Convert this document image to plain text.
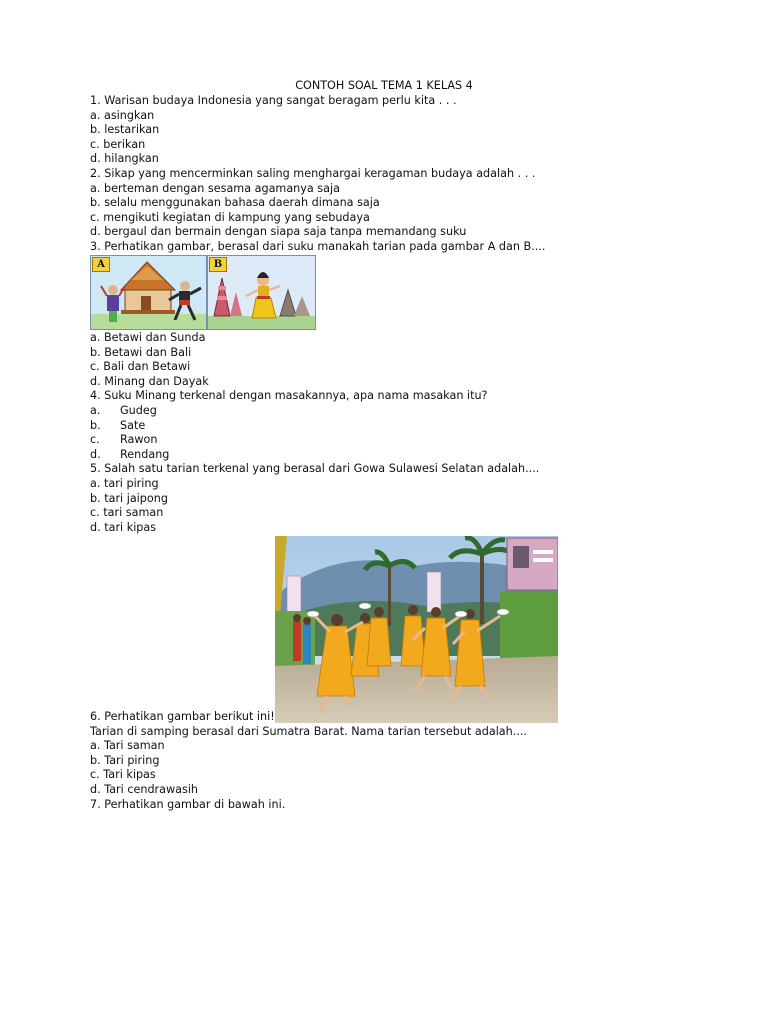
CONTOH SOAL TEMA 1 KELAS 4
1. Warisan budaya Indonesia yang sangat beragam perlu kita . . .
a. asingkan
b. lestarikan
c. berikan
d. hilangkan
2. Sikap yang mencerminkan saling menghargai keragaman budaya adalah . . .
a. berteman dengan sesama agamanya saja
b. selalu menggunakan bahasa daerah dimana saja
c. mengikuti kegiatan di kampung yang sebudaya
d. bergaul dan bermain dengan siapa saja tanpa memandang suku
3. Perhatikan gambar, berasal dari suku manakah tarian pada gambar A dan B....
A	B
a. Betawi dan Sunda
b. Betawi dan Bali
c. Bali dan Betawi
d. Minang dan Dayak
4. Suku Minang terkenal dengan masakannya, apa nama masakan itu?
a. Gudeg
b. Sate
c. Rawon
d. Rendang
5. Salah satu tarian terkenal yang berasal dari Gowa Sulawesi Selatan adalah....
a. tari piring
b. tari jaipong
c. tari saman
d. tari kipas
6. Perhatikan gambar berikut ini!
Tarian di samping berasal dari Sumatra Barat. Nama tarian tersebut adalah....
a. Tari saman
b. Tari piring
c. Tari kipas
d. Tari cendrawasih
7. Perhatikan gambar di bawah ini.
